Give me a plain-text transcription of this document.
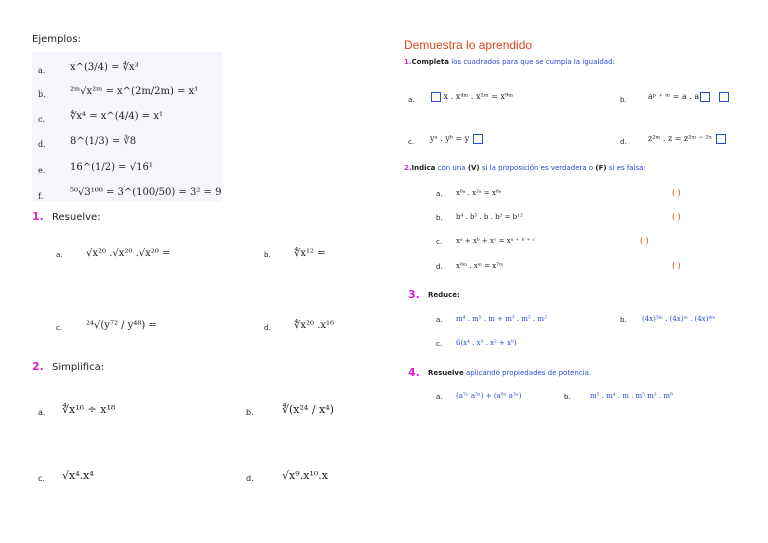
Ejemplos:
a. x^(3/4) = ∜x³
b. ²ᵐ√x²ᵐ = x^(2m/2m) = x¹
c. ∜x⁴ = x^(4/4) = x¹
d. 8^(1/3) = ∛8
e. 16^(1/2) = √16¹
f.	⁵⁰√3¹⁰⁰ = 3^(100/50) = 3² = 9
1. Resuelve:
a. √x²⁰ .√x²⁰ .√x²⁰ =	b. ∜x¹² =
c. ²⁴√(y⁷² / y⁴⁸) =	d. ∜x²⁰ .x¹⁶
2. Simplifica:
a. ∜x¹⁶ ÷ x¹⁸	b.	∜(x²⁴ / x⁴)
c. √x⁴.x⁴	d.	√x⁹.x¹⁰.x
Demuestra lo aprendido
1.Completa los cuadrados para que se cumpla la igualdad:
a.	x . x⁴ᵐ . x²ᵐ = x⁹ᵐ	b.	aᵖ ⁺ ᵐ = a . a
c. yᵃ . yᵇ = y	d.	z²ᵐ . z = z²ᵐ ⁺ ²ˣ
2.Indica con una (V) si la proposición es verdadera o (F) si es falsa:
a. x⁶ᵃ . x²ᵃ = x⁸ᵃ	( )
b. b⁴ . b⁵ . b . b² = b¹²	( )
c. xᵃ + xᵇ + xᶜ = xᵃ ⁺ ᵇ ⁺ ᶜ	( )
d. x⁸ᵐ . xᵐ = x⁷ᵐ	( )
3. Reduce:
a. m⁴ . m⁵ . m + m³ . m⁵ . m²	b. (4x)³ᵐ . (4x)ᵐ . (4x)⁴ᵐ
c. 6(x⁴ . x³ . x² + x⁹)
4. Resuelve aplicando propiedades de potencia.
a. (a⁷ˣ a³ˣ) + (a⁸ˣ a³ˣ)	b.	m⁵ . m⁴ . m . m⁵ m² . m⁸
